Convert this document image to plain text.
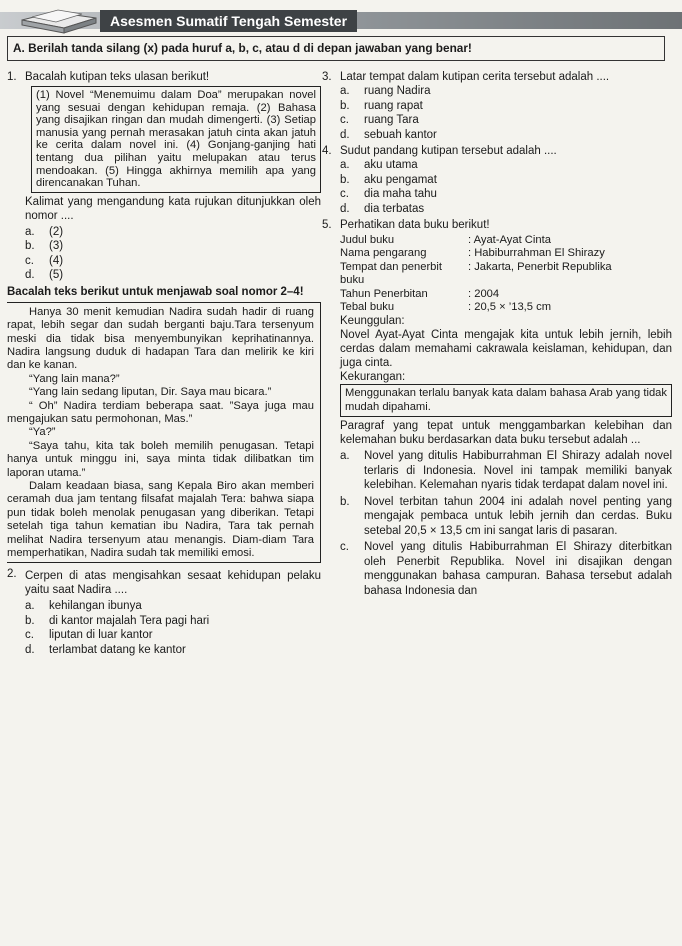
Asesmen Sumatif Tengah Semester
A. Berilah tanda silang (x) pada huruf a, b, c, atau d di depan jawaban yang benar!
1. Bacalah kutipan teks ulasan berikut!
(1) Novel “Menemuimu dalam Doa” merupakan novel yang sesuai dengan kehidupan remaja. (2) Bahasa yang disajikan ringan dan mudah dimengerti. (3) Setiap manusia yang pernah merasakan jatuh cinta akan jatuh ke cerita dalam novel ini. (4) Gonjang-ganjing hati tentang dua pilihan yaitu melupakan atau terus mendoakan. (5) Hingga akhirnya memilih apa yang direncanakan Tuhan.
Kalimat yang mengandung kata rujukan ditunjukkan oleh nomor ....
a.	(2)
b.	(3)
c.	(4)
d.	(5)
Bacalah teks berikut untuk menjawab soal nomor 2–4!

Hanya 30 menit kemudian Nadira sudah hadir di ruang rapat, lebih segar dan sudah berganti baju.Tara tersenyum meski dia tidak bisa menyembunyikan keprihatinannya. Nadira langsung duduk di hadapan Tara dan melirik ke kiri dan ke kanan.

“Yang lain mana?”

“Yang lain sedang liputan, Dir. Saya mau bicara.”

“ Oh” Nadira terdiam beberapa saat. ”Saya juga mau mengajukan satu permohonan, Mas.”

“Ya?”

“Saya tahu, kita tak boleh memilih penugasan. Tetapi hanya untuk minggu ini, saya minta tidak dilibatkan tim laporan utama.”

Dalam keadaan biasa, sang Kepala Biro akan memberi ceramah dua jam tentang filsafat majalah Tera: bahwa siapa pun tidak boleh menolak penugasan yang diberikan. Tetapi setelah tiga tahun kematian ibu Nadira, Tara tak pernah melihat Nadira tersenyum atau menangis. Diam-diam Tara memperhatikan, Nadira sudah tak memiliki emosi.

2. Cerpen di atas mengisahkan sesaat kehidupan pelaku yaitu saat Nadira ....
a.	kehilangan ibunya
b.	di kantor majalah Tera pagi hari
c.	liputan di luar kantor
d.	terlambat datang ke kantor
3. Latar tempat dalam kutipan cerita tersebut adalah ....
a.	ruang Nadira
b.	ruang rapat
c.	ruang Tara
d.	sebuah kantor
4. Sudut pandang kutipan tersebut adalah ....
a.	aku utama
b.	aku pengamat
c.	dia maha tahu
d.	dia terbatas
5. Perhatikan data buku berikut!
Judul buku	: Ayat-Ayat Cinta
Nama pengarang	: Habiburrahman El Shirazy
Tempat dan penerbit buku	: Jakarta, Penerbit Republika
Tahun Penerbitan	: 2004
Tebal buku	: 20,5 × ’13,5 cm
Keunggulan:
Novel Ayat-Ayat Cinta mengajak kita untuk lebih jernih, lebih cerdas dalam memahami cakrawala keislaman, kehidupan, dan juga cinta.
Kekurangan:
Menggunakan terlalu banyak kata dalam bahasa Arab yang tidak mudah dipahami.
Paragraf yang tepat untuk menggambarkan kelebihan dan kelemahan buku berdasarkan data buku tersebut adalah ...
a.	Novel yang ditulis Habiburrahman El Shirazy adalah novel terlaris di Indonesia. Novel ini tampak memiliki banyak kelebihan. Kelemahan nyaris tidak terdapat dalam novel ini.
b.	Novel terbitan tahun 2004 ini adalah novel penting yang mengajak pembaca untuk lebih jernih dan cerdas. Buku setebal 20,5 × 13,5 cm ini sangat laris di pasaran.
c.	Novel yang ditulis Habiburrahman El Shirazy diterbitkan oleh Penerbit Republika. Novel ini disajikan dengan menggunakan bahasa campuran. Bahasa tersebut adalah bahasa Indonesia dan
